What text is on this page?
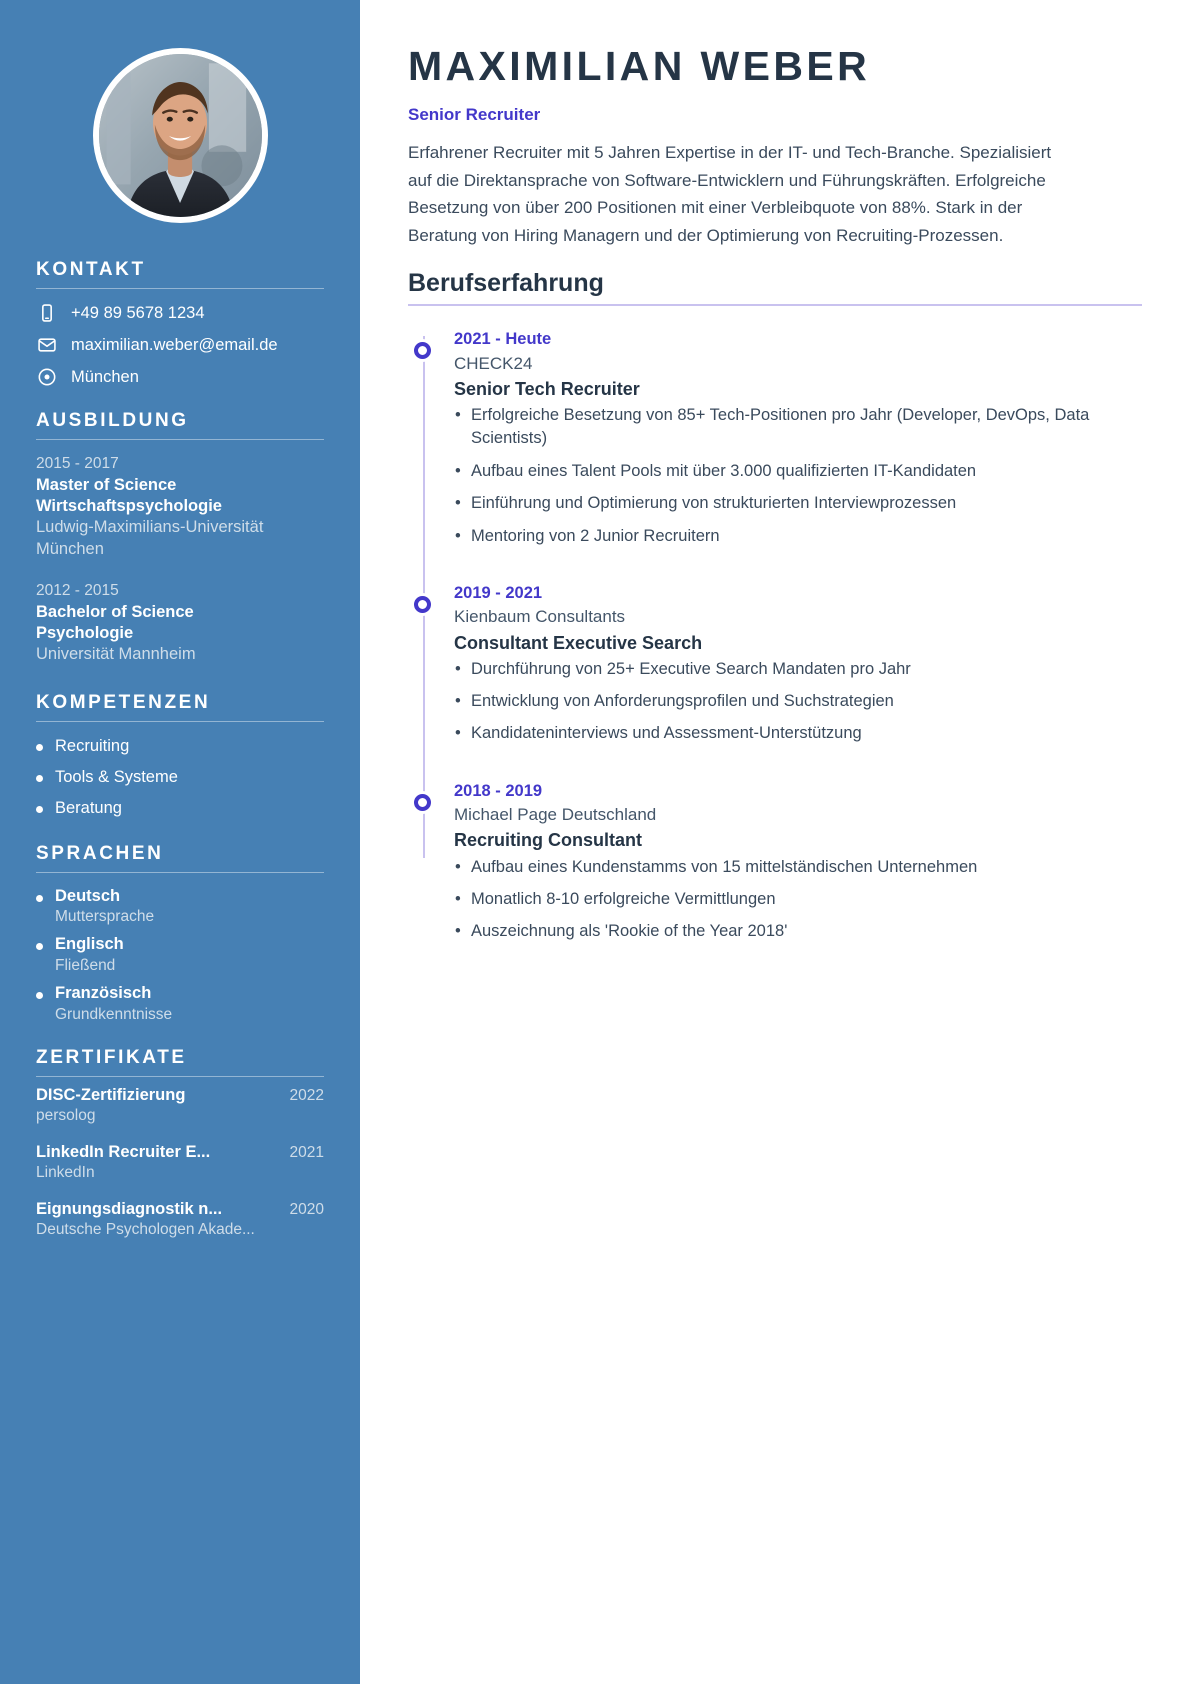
KONTAKT
+49 89 5678 1234
maximilian.weber@email.de
München
AUSBILDUNG
2015 - 2017
Master of Science
Wirtschaftspsychologie
Ludwig-Maximilians-Universität München
2012 - 2015
Bachelor of Science
Psychologie
Universität Mannheim
KOMPETENZEN
Recruiting
Tools & Systeme
Beratung
SPRACHEN
Deutsch
Muttersprache
Englisch
Fließend
Französisch
Grundkenntnisse
ZERTIFIKATE
DISC-Zertifizierung	2022
persolog
LinkedIn Recruiter E...	2021
LinkedIn
Eignungsdiagnostik n...	2020
Deutsche Psychologen Akade...
MAXIMILIAN WEBER
Senior Recruiter

Erfahrener Recruiter mit 5 Jahren Expertise in der IT- und Tech-Branche. Spezialisiert auf die Direktansprache von Software-Entwicklern und Führungskräften. Erfolgreiche Besetzung von über 200 Positionen mit einer Verbleibquote von 88%. Stark in der Beratung von Hiring Managern und der Optimierung von Recruiting-Prozessen.

Berufserfahrung
2021 - Heute
CHECK24
Senior Tech Recruiter
• Erfolgreiche Besetzung von 85+ Tech-Positionen pro Jahr (Developer, DevOps, Data Scientists)
• Aufbau eines Talent Pools mit über 3.000 qualifizierten IT-Kandidaten
• Einführung und Optimierung von strukturierten Interviewprozessen
• Mentoring von 2 Junior Recruitern
2019 - 2021
Kienbaum Consultants
Consultant Executive Search
• Durchführung von 25+ Executive Search Mandaten pro Jahr
• Entwicklung von Anforderungsprofilen und Suchstrategien
• Kandidateninterviews und Assessment-Unterstützung
2018 - 2019
Michael Page Deutschland
Recruiting Consultant
• Aufbau eines Kundenstamms von 15 mittelständischen Unternehmen
• Monatlich 8-10 erfolgreiche Vermittlungen
• Auszeichnung als 'Rookie of the Year 2018'
